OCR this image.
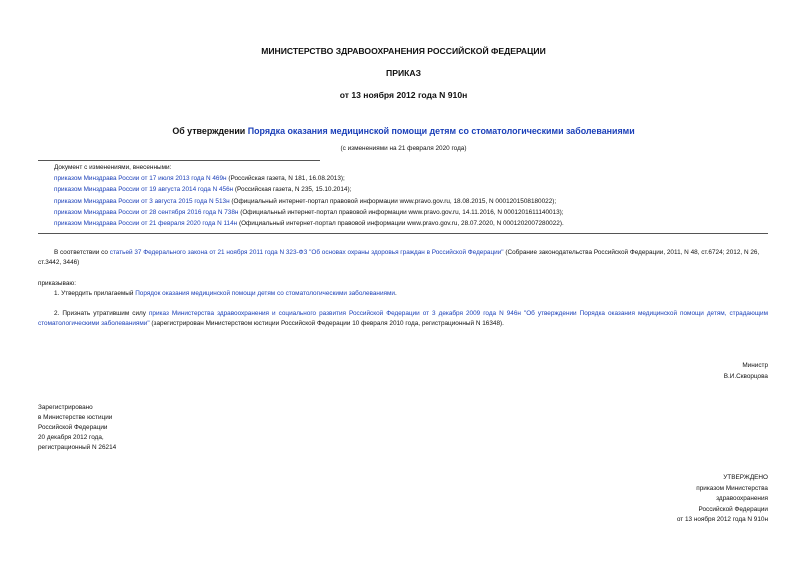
МИНИСТЕРСТВО ЗДРАВООХРАНЕНИЯ РОССИЙСКОЙ ФЕДЕРАЦИИ
ПРИКАЗ
от 13 ноября 2012 года N 910н
Об утверждении Порядка оказания медицинской помощи детям со стоматологическими заболеваниями
(с изменениями на 21 февраля 2020 года)
Документ с изменениями, внесенными:
приказом Минздрава России от 17 июля 2013 года N 469н (Российская газета, N 181, 16.08.2013);
приказом Минздрава России от 19 августа 2014 года N 456н (Российская газета, N 235, 15.10.2014);
приказом Минздрава России от 3 августа 2015 года N 513н (Официальный интернет-портал правовой информации www.pravo.gov.ru, 18.08.2015, N 0001201508180022);
приказом Минздрава России от 28 сентября 2016 года N 738н (Официальный интернет-портал правовой информации www.pravo.gov.ru, 14.11.2016, N 0001201611140013);
приказом Минздрава России от 21 февраля 2020 года N 114н (Официальный интернет-портал правовой информации www.pravo.gov.ru, 28.07.2020, N 0001202007280022).
В соответствии со статьей 37 Федерального закона от 21 ноября 2011 года N 323-ФЗ "Об основах охраны здоровья граждан в Российской Федерации" (Собрание законодательства Российской Федерации, 2011, N 48, ст.6724; 2012, N 26, ст.3442, 3446)
приказываю:
1. Утвердить прилагаемый Порядок оказания медицинской помощи детям со стоматологическими заболеваниями.
2. Признать утратившим силу приказ Министерства здравоохранения и социального развития Российской Федерации от 3 декабря 2009 года N 946н "Об утверждении Порядка оказания медицинской помощи детям, страдающим стоматологическими заболеваниями" (зарегистрирован Министерством юстиции Российской Федерации 10 февраля 2010 года, регистрационный N 16348).
Министр
В.И.Скворцова
Зарегистрировано
в Министерстве юстиции
Российской Федерации
20 декабря 2012 года,
регистрационный N 26214
УТВЕРЖДЕНО
приказом Министерства
здравоохранения
Российской Федерации
от 13 ноября 2012 года N 910н
